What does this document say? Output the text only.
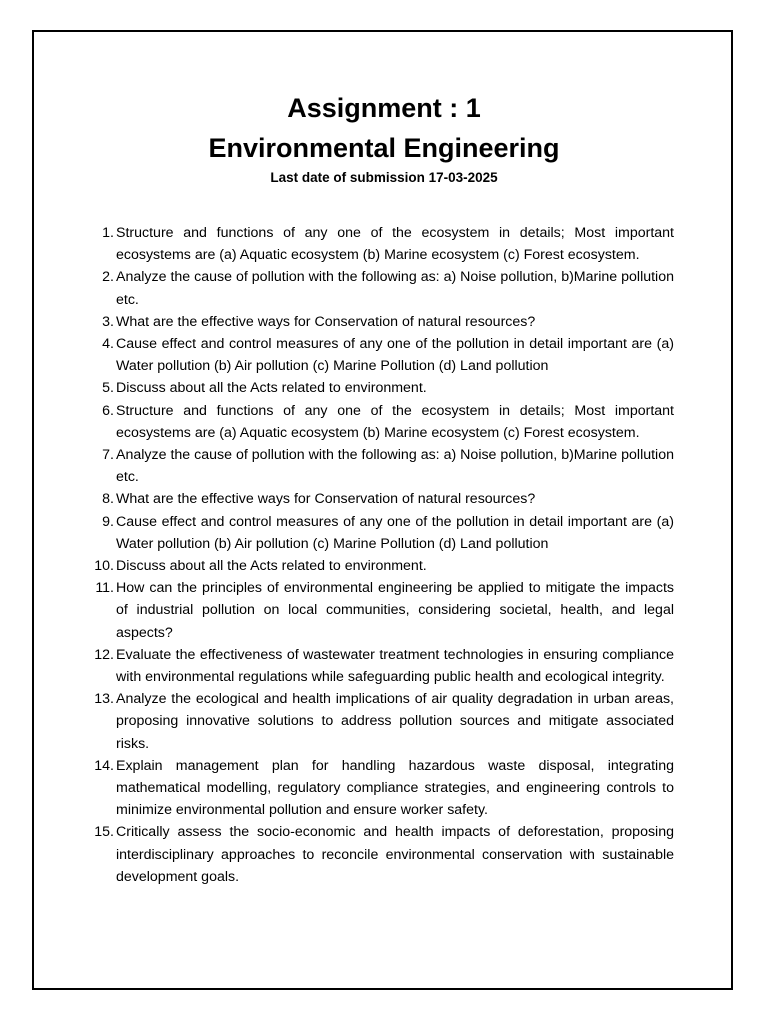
Assignment : 1
Environmental Engineering
Last date of submission 17-03-2025
1. Structure and functions of any one of the ecosystem in details; Most important ecosystems are (a) Aquatic ecosystem (b) Marine ecosystem (c) Forest ecosystem.
2. Analyze the cause of pollution with the following as: a) Noise pollution, b)Marine pollution etc.
3. What are the effective ways for Conservation of natural resources?
4. Cause effect and control measures of any one of the pollution in detail important are (a) Water pollution (b) Air pollution (c) Marine Pollution (d) Land pollution
5. Discuss about all the Acts related to environment.
6. Structure and functions of any one of the ecosystem in details; Most important ecosystems are (a) Aquatic ecosystem (b) Marine ecosystem (c) Forest ecosystem.
7. Analyze the cause of pollution with the following as: a) Noise pollution, b)Marine pollution etc.
8. What are the effective ways for Conservation of natural resources?
9. Cause effect and control measures of any one of the pollution in detail important are (a) Water pollution (b) Air pollution (c) Marine Pollution (d) Land pollution
10. Discuss about all the Acts related to environment.
11. How can the principles of environmental engineering be applied to mitigate the impacts of industrial pollution on local communities, considering societal, health, and legal aspects?
12. Evaluate the effectiveness of wastewater treatment technologies in ensuring compliance with environmental regulations while safeguarding public health and ecological integrity.
13. Analyze the ecological and health implications of air quality degradation in urban areas, proposing innovative solutions to address pollution sources and mitigate associated risks.
14. Explain management plan for handling hazardous waste disposal, integrating mathematical modelling, regulatory compliance strategies, and engineering controls to minimize environmental pollution and ensure worker safety.
15. Critically assess the socio-economic and health impacts of deforestation, proposing interdisciplinary approaches to reconcile environmental conservation with sustainable development goals.
